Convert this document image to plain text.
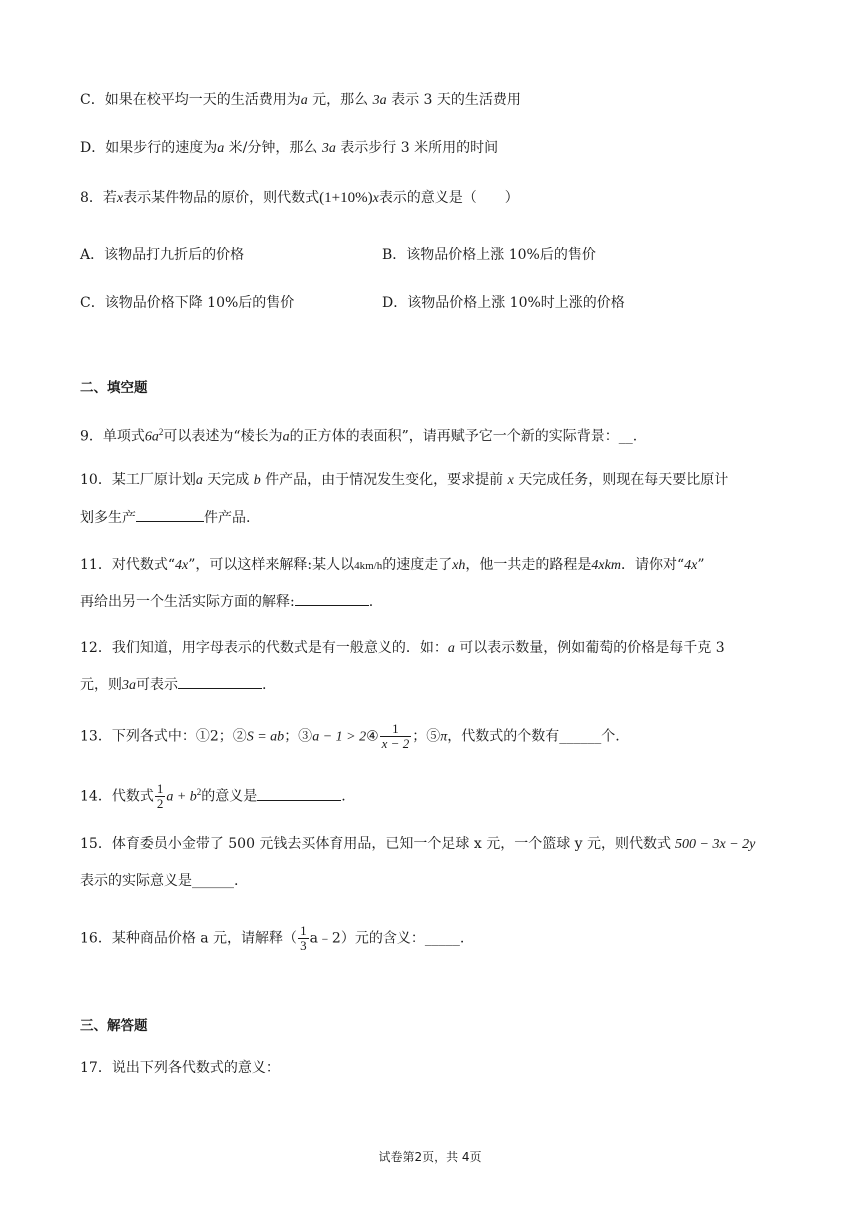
C．如果在校平均一天的生活费用为a 元，那么 3a 表示 3 天的生活费用
D．如果步行的速度为a 米/分钟，那么 3a 表示步行 3 米所用的时间
8．若x表示某件物品的原价，则代数式(1+10%)x表示的意义是（　　）
A．该物品打九折后的价格	B．该物品价格上涨 10%后的售价
C．该物品价格下降 10%后的售价	D．该物品价格上涨 10%时上涨的价格
二、填空题
9．单项式$6a^2$可以表述为“棱长为a的正方体的表面积”，请再赋予它一个新的实际背景：__.
10．某工厂原计划a 天完成 b 件产品，由于情况发生变化，要求提前 x 天完成任务，则现在每天要比原计
划多生产	件产品.
11．对代数式“4x”，可以这样来解释:某人以4km/h的速度走了xh，他一共走的路程是4xkm．请你对“4x”
再给出另一个生活实际方面的解释:	.
12．我们知道，用字母表示的代数式是有一般意义的．如：a 可以表示数量，例如葡萄的价格是每千克 3
元，则3a可表示	.
13．下列各式中：①2；②S = ab；③a − 1 > 2④ $\frac{1}{x - 2}$ ；⑤π，代数式的个数有______个.
14．代数式 $\frac{1}{2}$ $a + b^2$的意义是	.
15．体育委员小金带了 500 元钱去买体育用品，已知一个足球 x 元，一个篮球 y 元，则代数式 500 − 3x − 2y
表示的实际意义是______.
16．某种商品价格 a 元，请解释（ $\frac{1}{3}$ a﹣2）元的含义：_____.
三、解答题
17．说出下列各代数式的意义：
试卷第2页，共 4页
